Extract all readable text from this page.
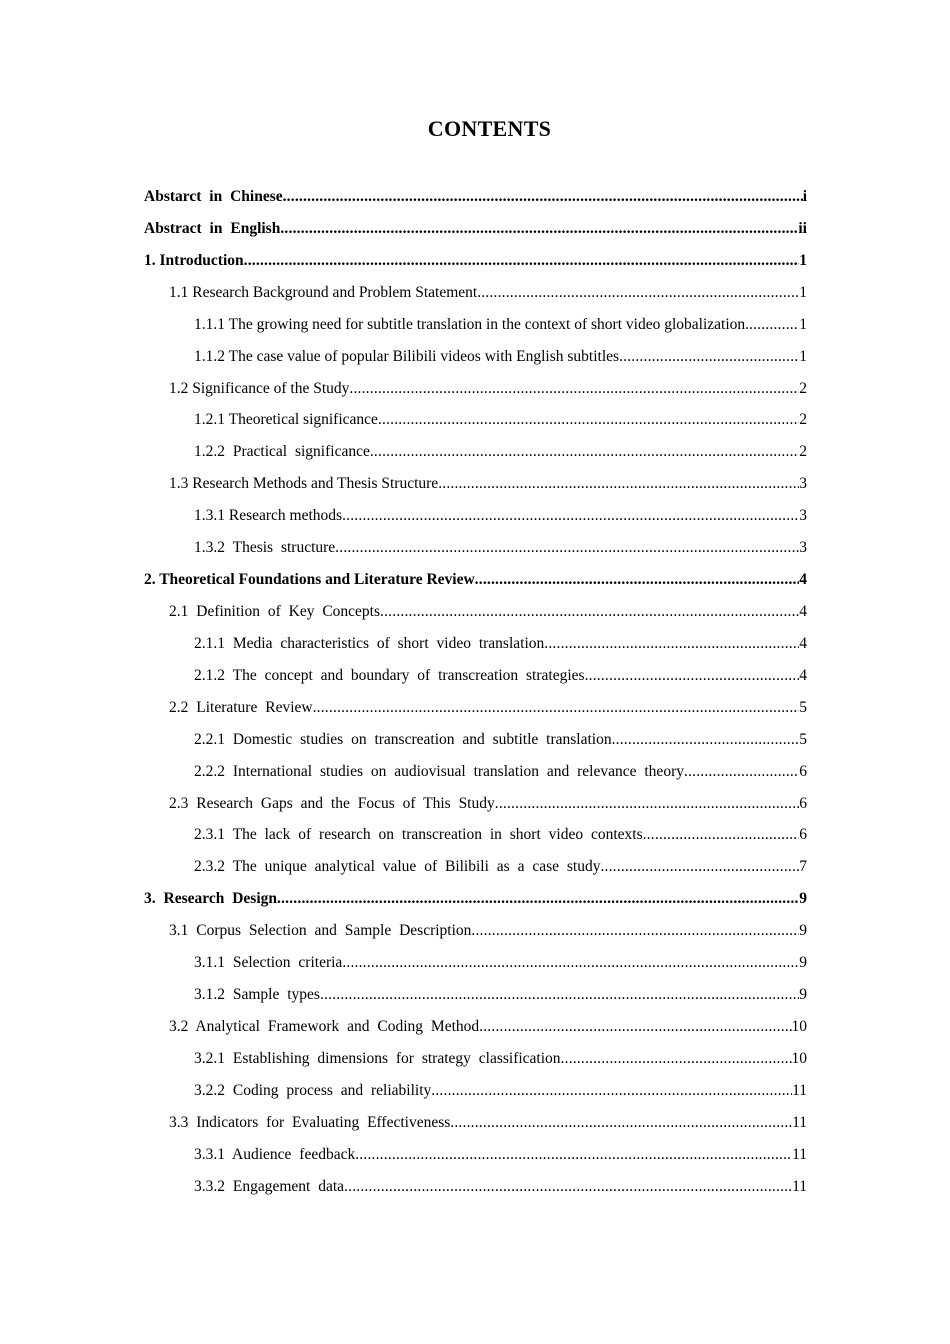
CONTENTS
Abstarct in Chinese .....	i
Abstract in English .....	ii
1. Introduction .....	1
1.1 Research Background and Problem Statement .....	1
1.1.1 The growing need for subtitle translation in the context of short video globalization. .....	1
1.1.2 The case value of popular Bilibili videos with English subtitles .....	1
1.2 Significance of the Study .....	2
1.2.1 Theoretical significance .....	2
1.2.2 Practical significance .....	2
1.3 Research Methods and Thesis Structure .....	3
1.3.1 Research methods .....	3
1.3.2 Thesis structure .....	3
2. Theoretical Foundations and Literature Review .....	4
2.1 Definition of Key Concepts .....	4
2.1.1 Media characteristics of short video translation .....	4
2.1.2 The concept and boundary of transcreation strategies .....	4
2.2 Literature Review .....	5
2.2.1 Domestic studies on transcreation and subtitle translation .....	5
2.2.2 International studies on audiovisual translation and relevance theory .....	6
2.3 Research Gaps and the Focus of This Study .....	6
2.3.1 The lack of research on transcreation in short video contexts .....	6
2.3.2 The unique analytical value of Bilibili as a case study .....	7
3. Research Design .....	9
3.1 Corpus Selection and Sample Description .....	9
3.1.1 Selection criteria .....	9
3.1.2 Sample types .....	9
3.2 Analytical Framework and Coding Method .....	10
3.2.1 Establishing dimensions for strategy classification .....	10
3.2.2 Coding process and reliability .....	11
3.3 Indicators for Evaluating Effectiveness .....	11
3.3.1 Audience feedback .....	11
3.3.2 Engagement data .....	11
